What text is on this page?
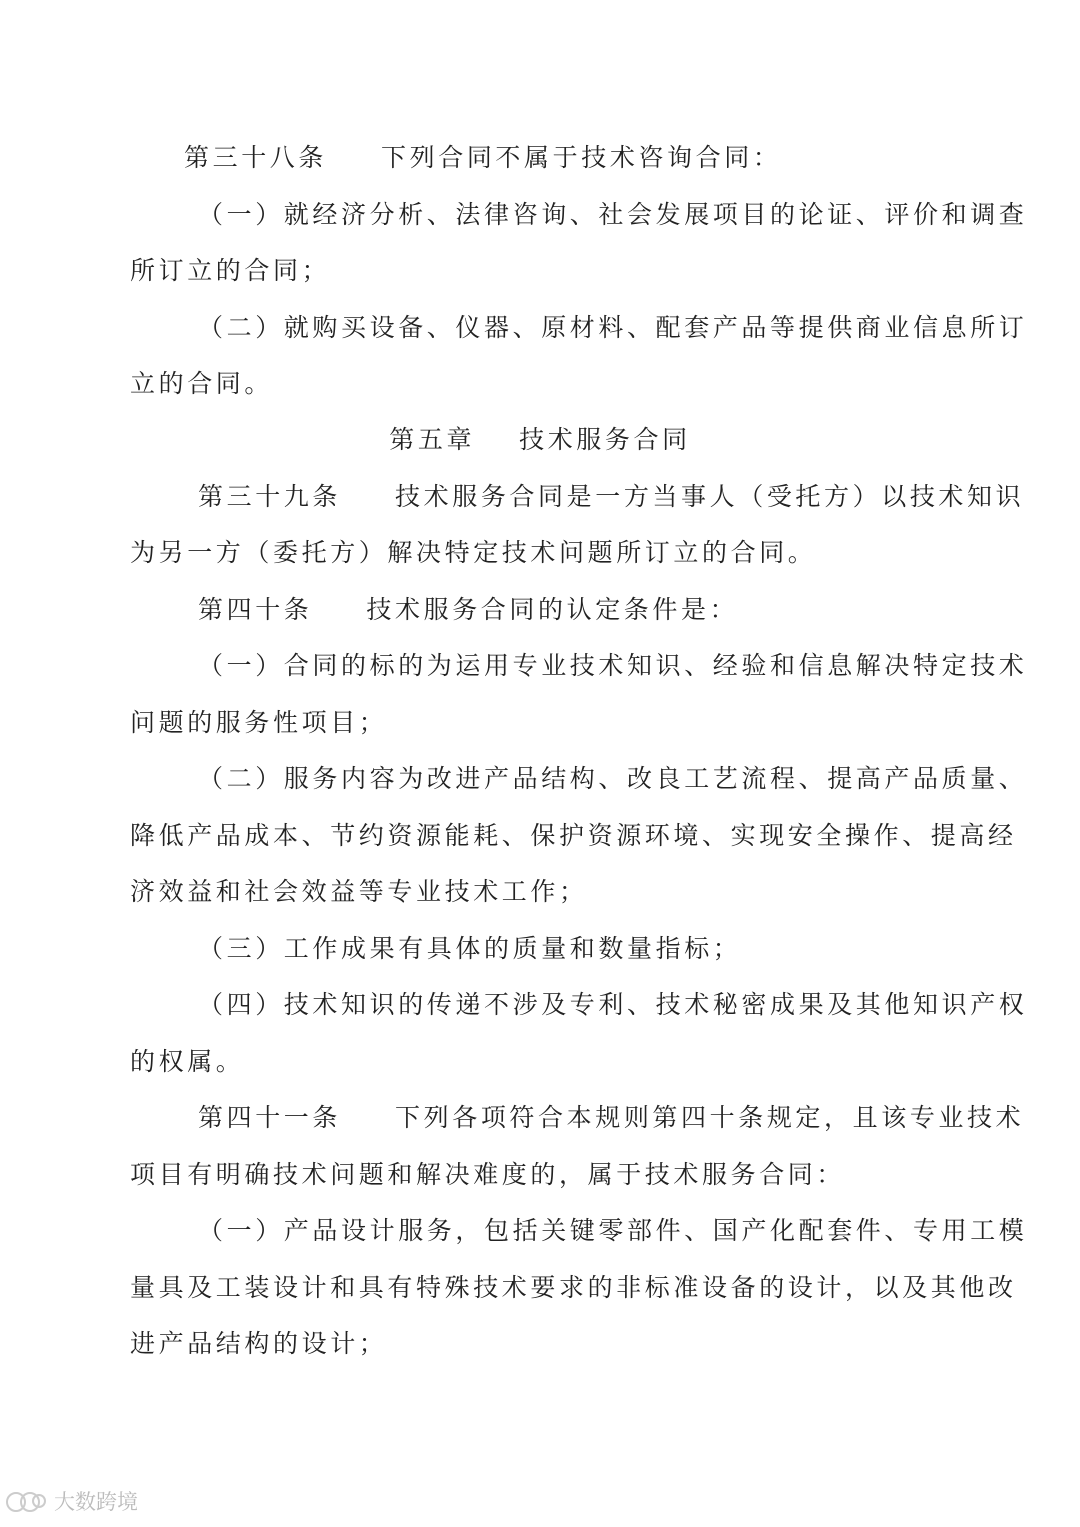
第三十八条 下列合同不属于技术咨询合同：
（一）就经济分析、法律咨询、社会发展项目的论证、评价和调查
所订立的合同；
（二）就购买设备、仪器、原材料、配套产品等提供商业信息所订
立的合同。
第五章 技术服务合同
第三十九条 技术服务合同是一方当事人（受托方）以技术知识
为另一方（委托方）解决特定技术问题所订立的合同。
第四十条 技术服务合同的认定条件是：
（一）合同的标的为运用专业技术知识、经验和信息解决特定技术
问题的服务性项目；
（二）服务内容为改进产品结构、改良工艺流程、提高产品质量、
降低产品成本、节约资源能耗、保护资源环境、实现安全操作、提高经
济效益和社会效益等专业技术工作；
（三）工作成果有具体的质量和数量指标；
（四）技术知识的传递不涉及专利、技术秘密成果及其他知识产权
的权属。
第四十一条 下列各项符合本规则第四十条规定，且该专业技术
项目有明确技术问题和解决难度的，属于技术服务合同：
（一）产品设计服务，包括关键零部件、国产化配套件、专用工模
量具及工装设计和具有特殊技术要求的非标准设备的设计，以及其他改
进产品结构的设计；
大数跨境
